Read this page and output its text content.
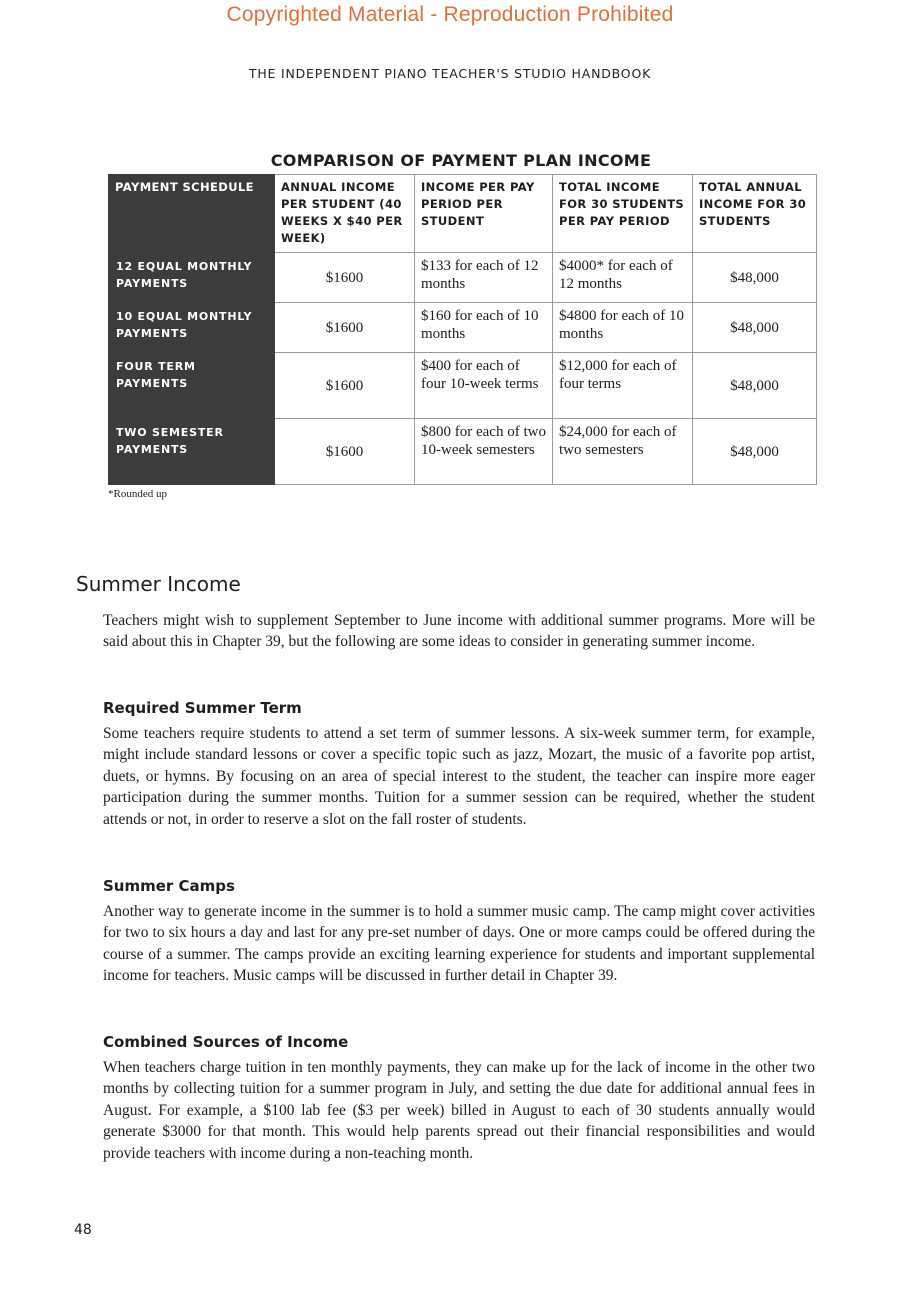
Copyrighted Material - Reproduction Prohibited
THE INDEPENDENT PIANO TEACHER'S STUDIO HANDBOOK
COMPARISON OF PAYMENT PLAN INCOME
PAYMENT SCHEDULE	ANNUAL INCOME PER STUDENT (40 WEEKS X $40 PER WEEK)	INCOME PER PAY PERIOD PER STUDENT	TOTAL INCOME FOR 30 STUDENTS PER PAY PERIOD	TOTAL ANNUAL INCOME FOR 30 STUDENTS
12 EQUAL MONTHLY PAYMENTS	$1600	$133 for each of 12 months	$4000* for each of 12 months	$48,000
10 EQUAL MONTHLY PAYMENTS	$1600	$160 for each of 10 months	$4800 for each of 10 months	$48,000
FOUR TERM PAYMENTS	$1600	$400 for each of four 10-week terms	$12,000 for each of four terms	$48,000
TWO SEMESTER PAYMENTS	$1600	$800 for each of two 10-week semesters	$24,000 for each of two semesters	$48,000
*Rounded up
Summer Income

Teachers might wish to supplement September to June income with additional summer programs. More will be said about this in Chapter 39, but the following are some ideas to consider in generating summer income.

Required Summer Term

Some teachers require students to attend a set term of summer lessons. A six-week summer term, for example, might include standard lessons or cover a specific topic such as jazz, Mozart, the music of a favorite pop artist, duets, or hymns. By focusing on an area of special interest to the student, the teacher can inspire more eager participation during the summer months. Tuition for a summer session can be required, whether the student attends or not, in order to reserve a slot on the fall roster of students.

Summer Camps

Another way to generate income in the summer is to hold a summer music camp. The camp might cover activities for two to six hours a day and last for any pre-set number of days. One or more camps could be offered during the course of a summer. The camps provide an exciting learning experience for students and important supplemental income for teachers. Music camps will be discussed in further detail in Chapter 39.

Combined Sources of Income

When teachers charge tuition in ten monthly payments, they can make up for the lack of income in the other two months by collecting tuition for a summer program in July, and setting the due date for additional annual fees in August. For example, a $100 lab fee ($3 per week) billed in August to each of 30 students annually would generate $3000 for that month. This would help parents spread out their financial responsibilities and would provide teachers with income during a non-teaching month.

48
